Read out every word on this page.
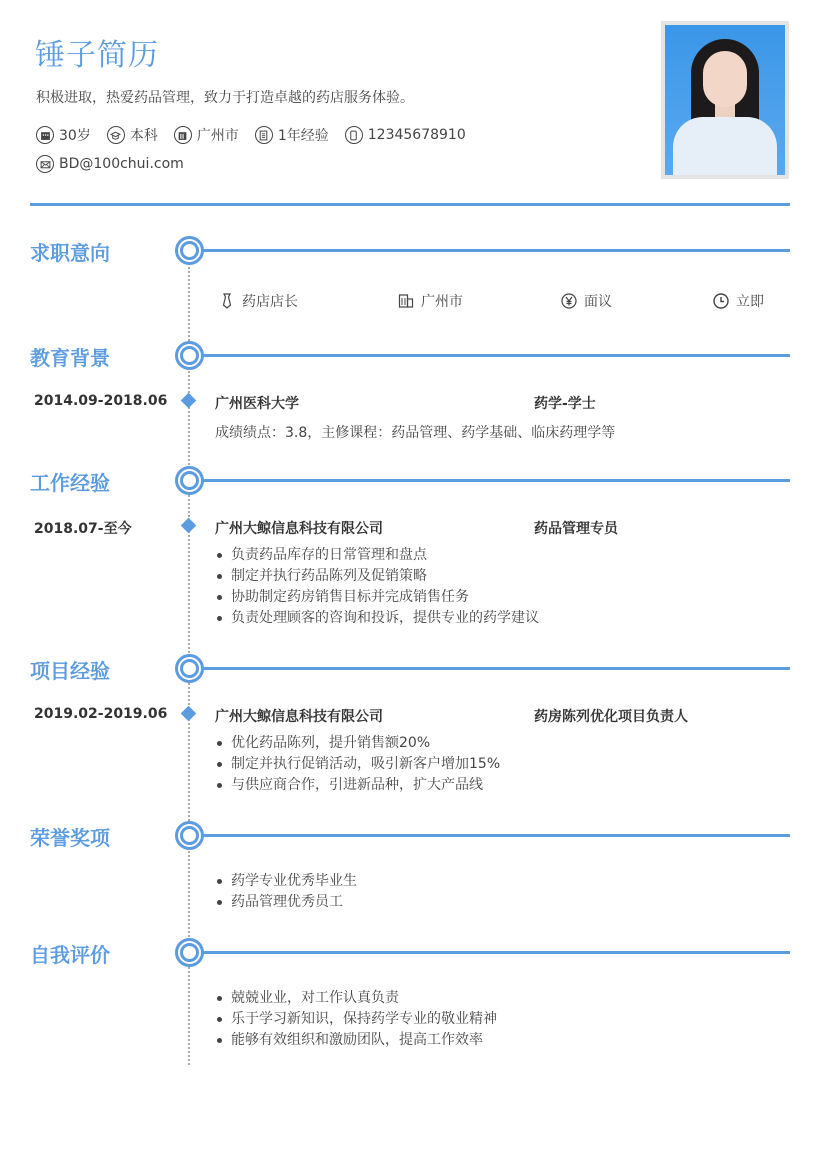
锤子简历
积极进取，热爱药品管理，致力于打造卓越的药店服务体验。
30岁	本科	广州市	1年经验	12345678910
BD@100chui.com
求职意向
药店店长	广州市	面议	立即
教育背景
2014.09-2018.06	广州医科大学	药学-学士
成绩绩点：3.8，主修课程：药品管理、药学基础、临床药理学等
工作经验
2018.07-至今	广州大鲸信息科技有限公司	药品管理专员
负责药品库存的日常管理和盘点
制定并执行药品陈列及促销策略
协助制定药房销售目标并完成销售任务
负责处理顾客的咨询和投诉，提供专业的药学建议
项目经验
2019.02-2019.06	广州大鲸信息科技有限公司	药房陈列优化项目负责人
优化药品陈列，提升销售额20%
制定并执行促销活动，吸引新客户增加15%
与供应商合作，引进新品种，扩大产品线
荣誉奖项
药学专业优秀毕业生
药品管理优秀员工
自我评价
兢兢业业，对工作认真负责
乐于学习新知识，保持药学专业的敬业精神
能够有效组织和激励团队，提高工作效率
